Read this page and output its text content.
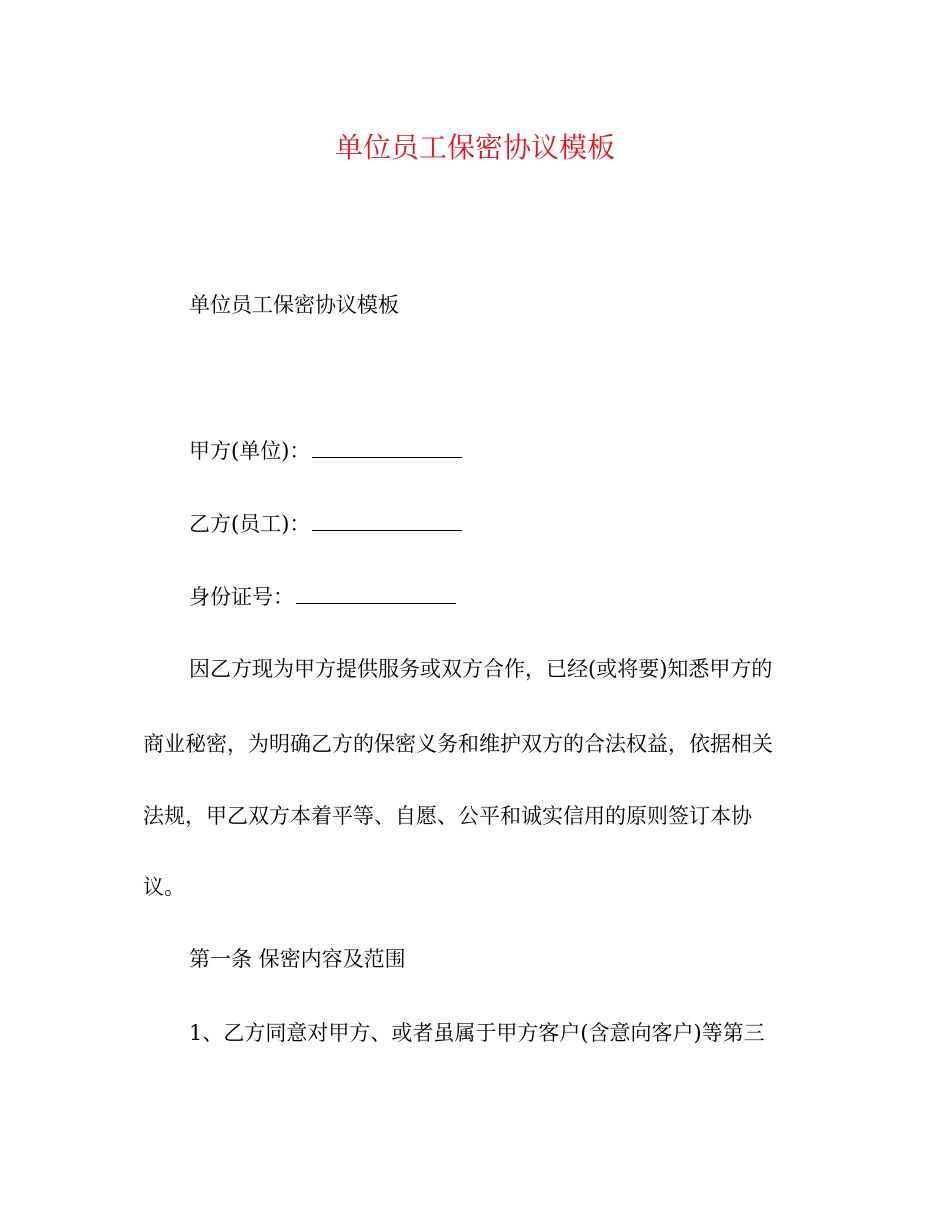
单位员工保密协议模板
单位员工保密协议模板
甲方(单位)：
乙方(员工)：
身份证号：
因乙方现为甲方提供服务或双方合作，已经(或将要)知悉甲方的
商业秘密，为明确乙方的保密义务和维护双方的合法权益，依据相关
法规，甲乙双方本着平等、自愿、公平和诚实信用的原则签订本协
议。
第一条 保密内容及范围
1、乙方同意对甲方、或者虽属于甲方客户(含意向客户)等第三
